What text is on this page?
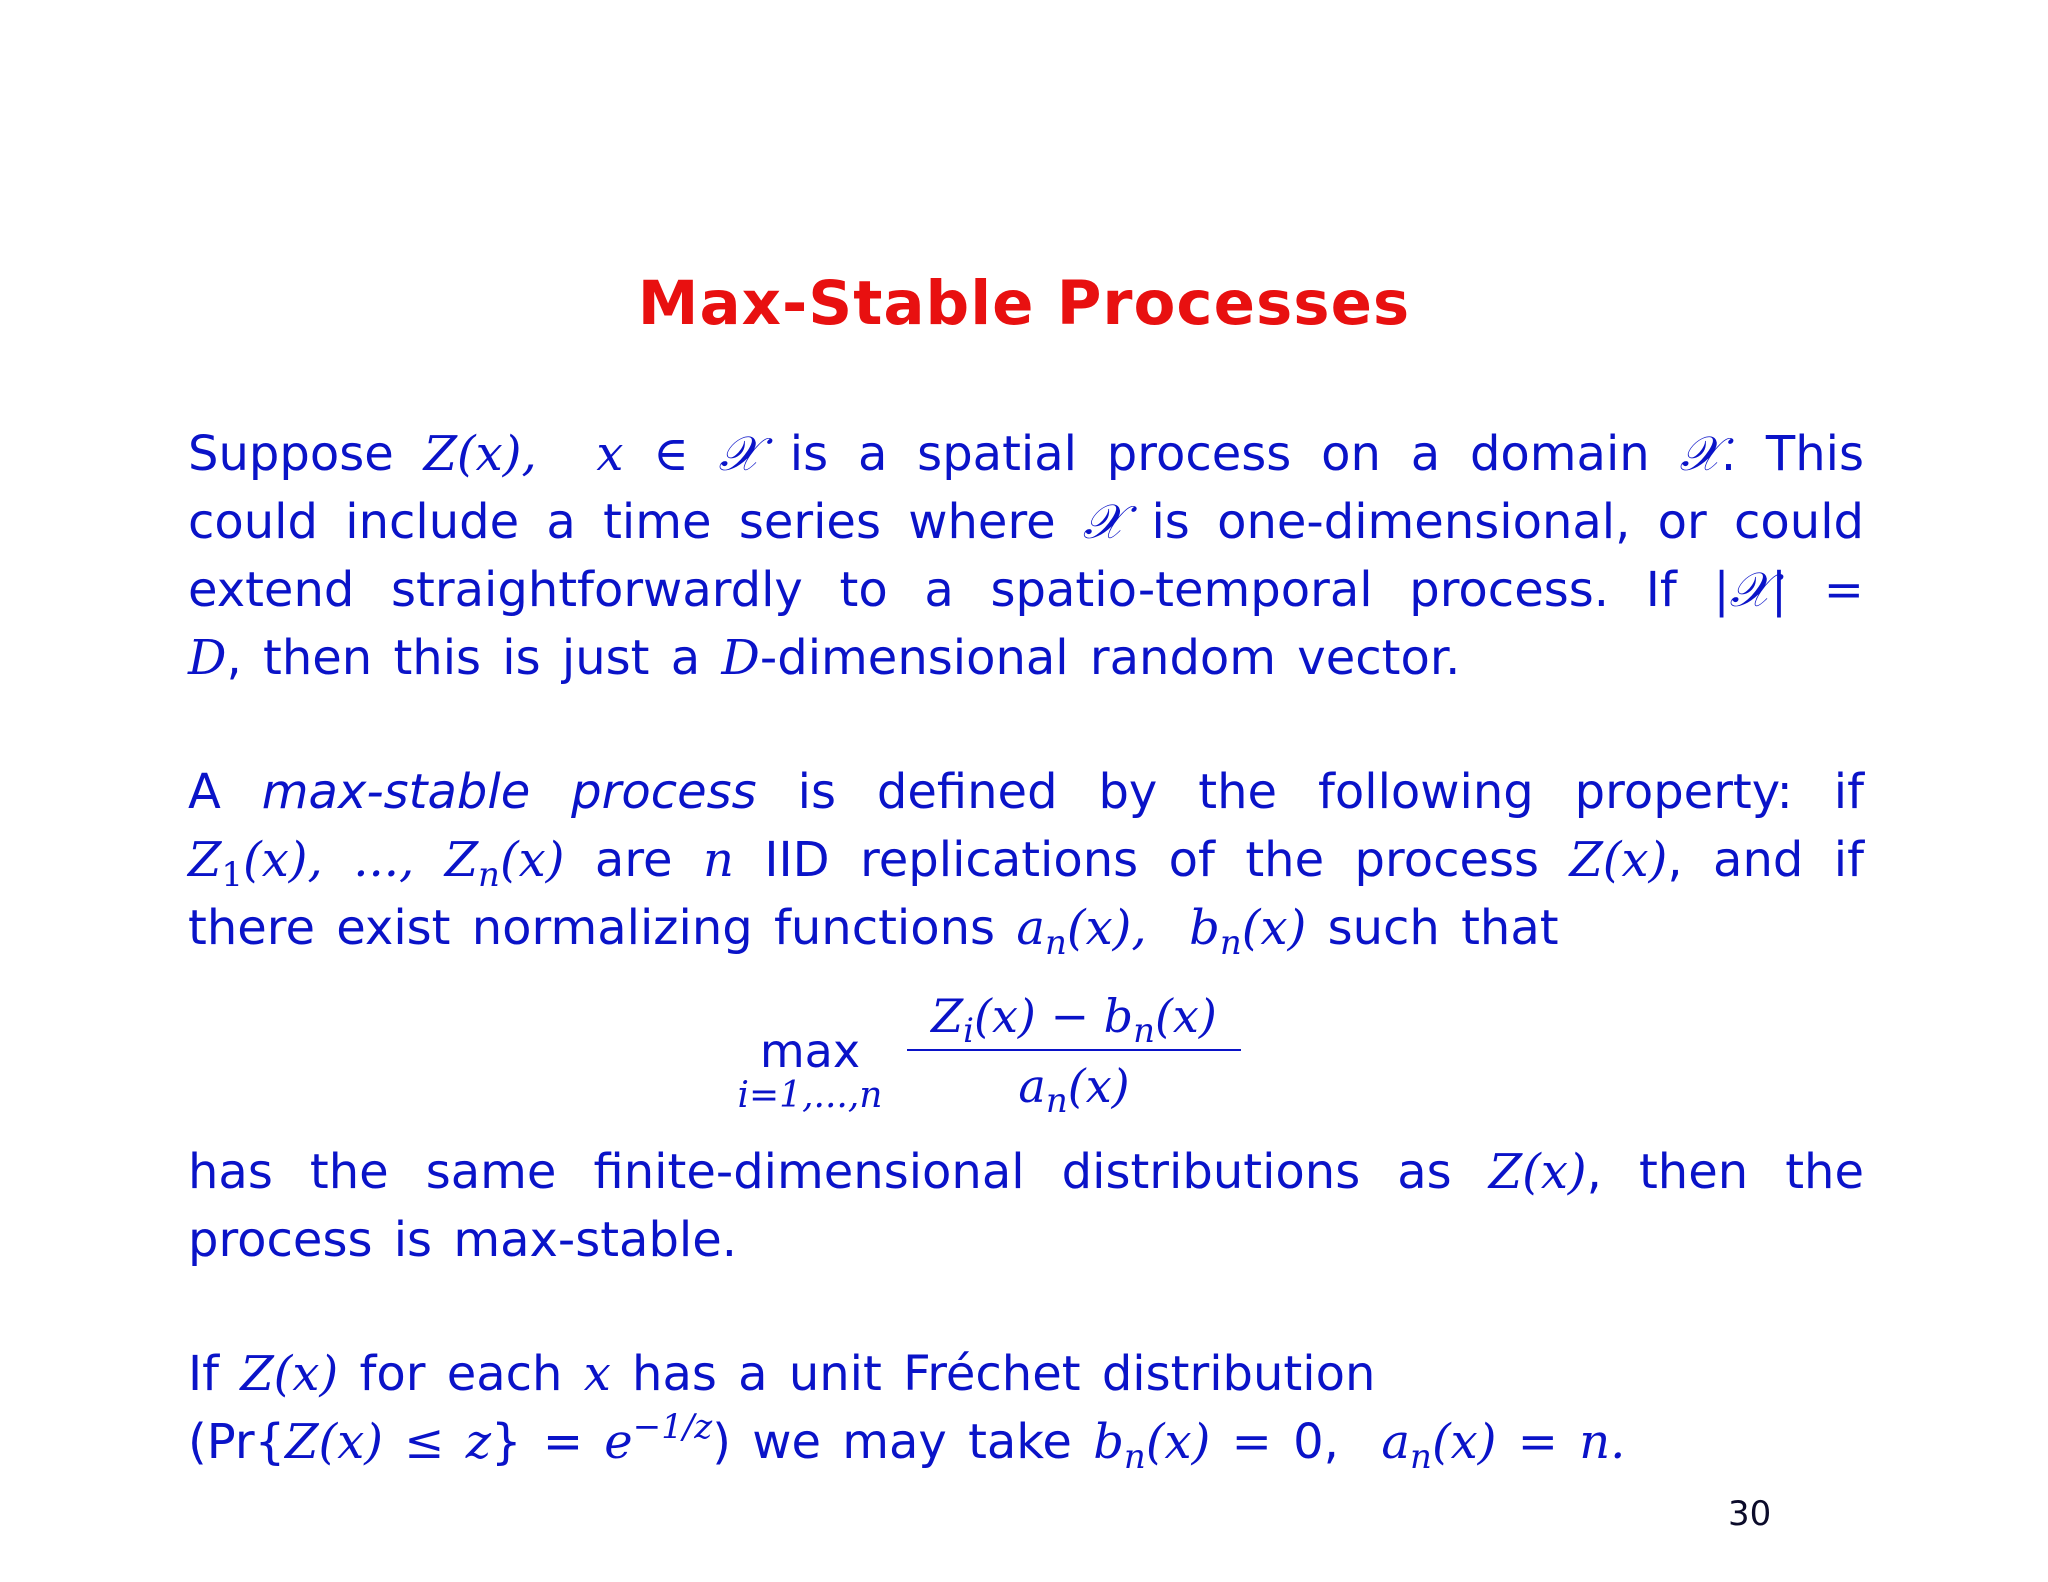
Max-Stable Processes
Suppose Z(x), x ∈ 𝒳 is a spatial process on a domain 𝒳. This
could include a time series where 𝒳 is one-dimensional, or could
extend straightforwardly to a spatio-temporal process. If |𝒳| =
D, then this is just a D-dimensional random vector.
A max-stable process is defined by the following property: if
$Z_1(x)$, ..., $Z_n(x)$ are n IID replications of the process Z(x), and if
there exist normalizing functions $a_n(x)$, $b_n(x)$ such that
max
i=1,...,n
$Z_i(x) - b_n(x)$
$a_n(x)$
has the same finite-dimensional distributions as Z(x), then the
process is max-stable.
If Z(x) for each x has a unit Fréchet distribution
$(Pr\{Z(x) \le z\} = e^{-1/z})$ we may take $b_n(x) = 0$, $a_n(x) = n$.
30
